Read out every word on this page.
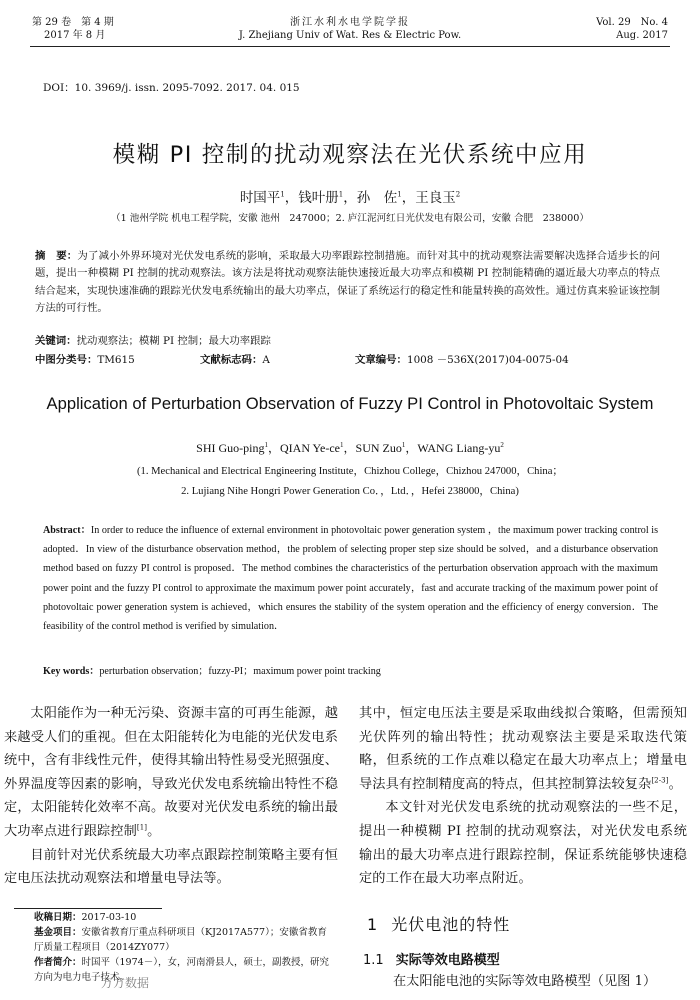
第 29 卷　第 4 期
2017 年 8 月
浙江水利水电学院学报
J. Zhejiang Univ of Wat. Res & Electric Pow.
Vol. 29　No. 4
Aug. 2017
DOI：10. 3969/j. issn. 2095-7092. 2017. 04. 015
模糊 PI 控制的扰动观察法在光伏系统中应用
时国平$^1$，钱叶册$^1$，孙　佐$^1$，王良玉$^2$
（1 池州学院 机电工程学院，安徽 池州　247000；2. 庐江泥河红日光伏发电有限公司，安徽 合肥　238000）
摘　要：为了减小外界环境对光伏发电系统的影响，采取最大功率跟踪控制措施。而针对其中的扰动观察法需要解决选择合适步长的问题，提出一种模糊 PI 控制的扰动观察法。该方法是将扰动观察法能快速接近最大功率点和模糊 PI 控制能精确的逼近最大功率点的特点结合起来，实现快速准确的跟踪光伏发电系统输出的最大功率点，保证了系统运行的稳定性和能量转换的高效性。通过仿真来验证该控制方法的可行性。
关键词：扰动观察法；模糊 PI 控制；最大功率跟踪
中图分类号：TM615	文献标志码：A	文章编号：1008 －536X(2017)04-0075-04
Application of Perturbation Observation of Fuzzy PI Control in Photovoltaic System
SHI Guo-ping$^1$，QIAN $Ye-ce^1$，SUN Zuo$^1$，WANG Liang-$yu^2$
(1. Mechanical and Electrical Engineering Institute，Chizhou College，Chizhou 247000，China；
2. Lujiang Nihe Hongri Power Generation Co．，Ltd．，Hefei 238000，China)
Abstract：In order to reduce the influence of external environment in photovoltaic power generation system ，the maximum power tracking control is adopted．In view of the disturbance observation method，the problem of selecting proper step size should be solved，and a disturbance observation method based on fuzzy PI control is proposed．The method combines the characteristics of the perturbation observation approach with the maximum power point and the fuzzy PI control to approximate the maximum power point accurately，fast and accurate tracking of the maximum power point of photovoltaic power generation system is achieved，which ensures the stability of the system operation and the efficiency of energy conversion．The feasibility of the control method is verified by simulation．
Key words：perturbation observation；fuzzy-PI；maximum power point tracking

太阳能作为一种无污染、资源丰富的可再生能源，越来越受人们的重视。但在太阳能转化为电能的光伏发电系统中，含有非线性元件，使得其输出特性易受光照强度、外界温度等因素的影响，导致光伏发电系统输出特性不稳定，太阳能转化效率不高。故要对光伏发电系统的输出最大功率点进行跟踪控制[1]。

目前针对光伏系统最大功率点跟踪控制策略主要有恒定电压法扰动观察法和增量电导法等。

收稿日期：2017-03-10
基金项目：安徽省教育厅重点科研项目（KJ2017A577）；安徽省教育厅质量工程项目（2014ZY077）
作者简介：时国平（1974－），女，河南滑县人，硕士，副教授，研究方向为电力电子技术。
万方数据

其中，恒定电压法主要是采取曲线拟合策略，但需预知光伏阵列的输出特性；扰动观察法主要是采取迭代策略，但系统的工作点难以稳定在最大功率点上；增量电导法具有控制精度高的特点，但其控制算法较复杂[2-3]。

本文针对光伏发电系统的扰动观察法的一些不足，提出一种模糊 PI 控制的扰动观察法，对光伏发电系统输出的最大功率点进行跟踪控制，保证系统能够快速稳定的工作在最大功率点附近。

1 光伏电池的特性
1.1 实际等效电路模型
在太阳能电池的实际等效电路模型（见图 1）
